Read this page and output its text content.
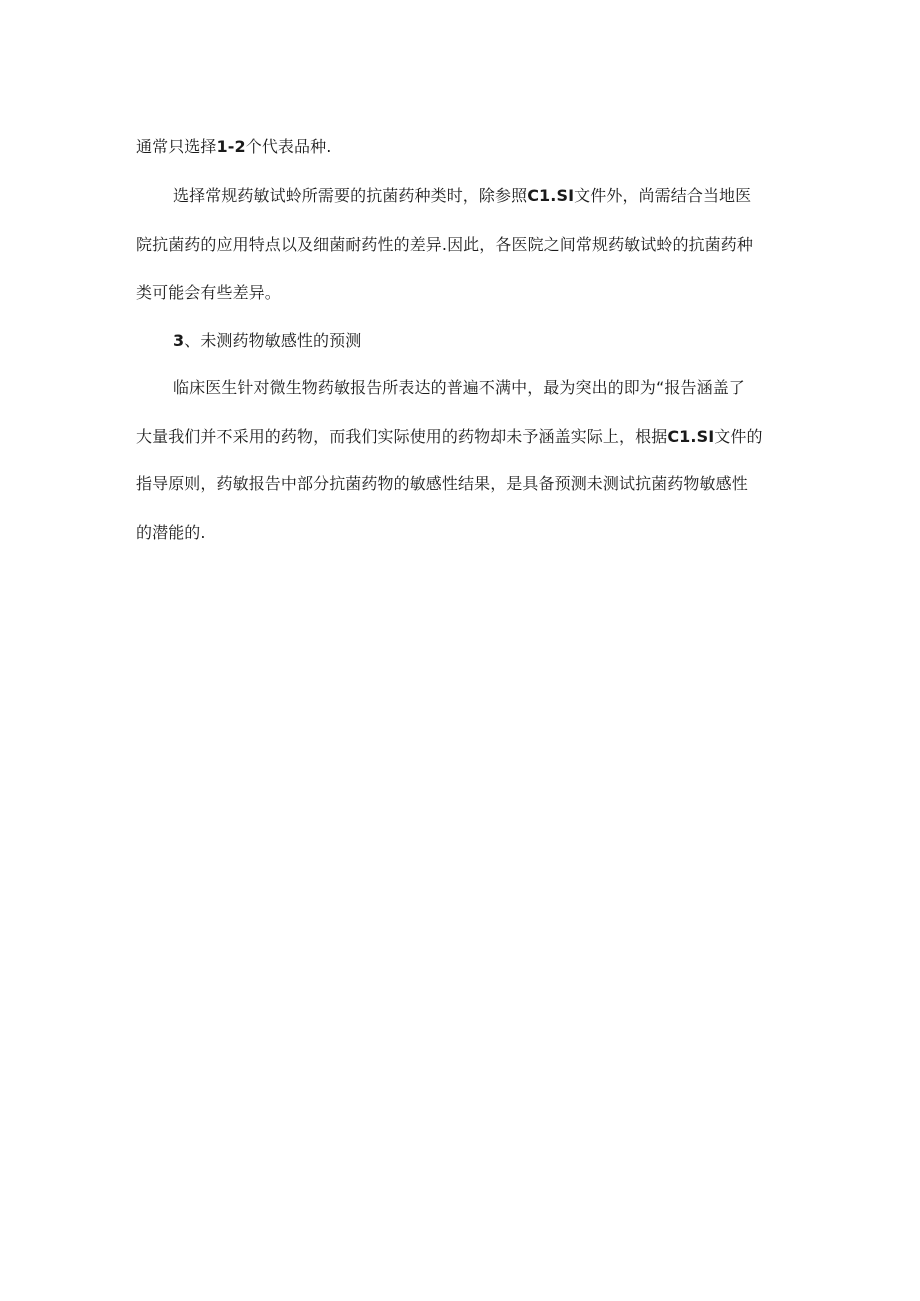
通常只选择1-2个代表品种.
选择常规药敏试蛉所需要的抗菌药种类时，除参照C1.SI文件外，尚需结合当地医
院抗菌药的应用特点以及细菌耐药性的差异.因此，各医院之间常规药敏试蛉的抗菌药种
类可能会有些差异。
3、未测药物敏感性的预测
临床医生针对微生物药敏报告所表达的普遍不满中，最为突出的即为“报告涵盖了
大量我们并不采用的药物，而我们实际使用的药物却未予涵盖实际上，根据C1.SI文件的
指导原则，药敏报告中部分抗菌药物的敏感性结果，是具备预测未测试抗菌药物敏感性
的潜能的.
